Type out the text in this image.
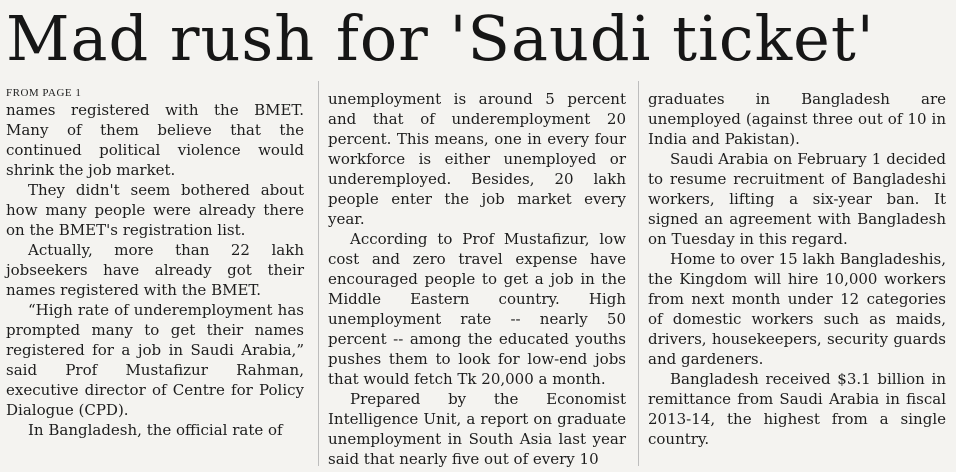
Mad rush for 'Saudi ticket'
FROM PAGE 1

names registered with the BMET. Many of them believe that the continued political violence would shrink the job market.

They didn't seem bothered about how many people were already there on the BMET's registration list.

Actually, more than 22 lakh jobseekers have already got their names registered with the BMET.

“High rate of underemployment has prompted many to get their names registered for a job in Saudi Arabia,” said Prof Mustafizur Rahman, executive director of Centre for Policy Dialogue (CPD).

In Bangladesh, the official rate of

unemployment is around 5 percent and that of underemployment 20 percent. This means, one in every four workforce is either unemployed or underemployed. Besides, 20 lakh people enter the job market every year.

According to Prof Mustafizur, low cost and zero travel expense have encouraged people to get a job in the Middle Eastern country. High unemployment rate -- nearly 50 percent -- among the educated youths pushes them to look for low-end jobs that would fetch Tk 20,000 a month.

Prepared by the Economist Intelligence Unit, a report on graduate unemployment in South Asia last year said that nearly five out of every 10

graduates in Bangladesh are unemployed (against three out of 10 in India and Pakistan).

Saudi Arabia on February 1 decided to resume recruitment of Bangladeshi workers, lifting a six-year ban. It signed an agreement with Bangladesh on Tuesday in this regard.

Home to over 15 lakh Bangladeshis, the Kingdom will hire 10,000 workers from next month under 12 categories of domestic workers such as maids, drivers, housekeepers, security guards and gardeners.

Bangladesh received $3.1 billion in remittance from Saudi Arabia in fiscal 2013-14, the highest from a single country.
